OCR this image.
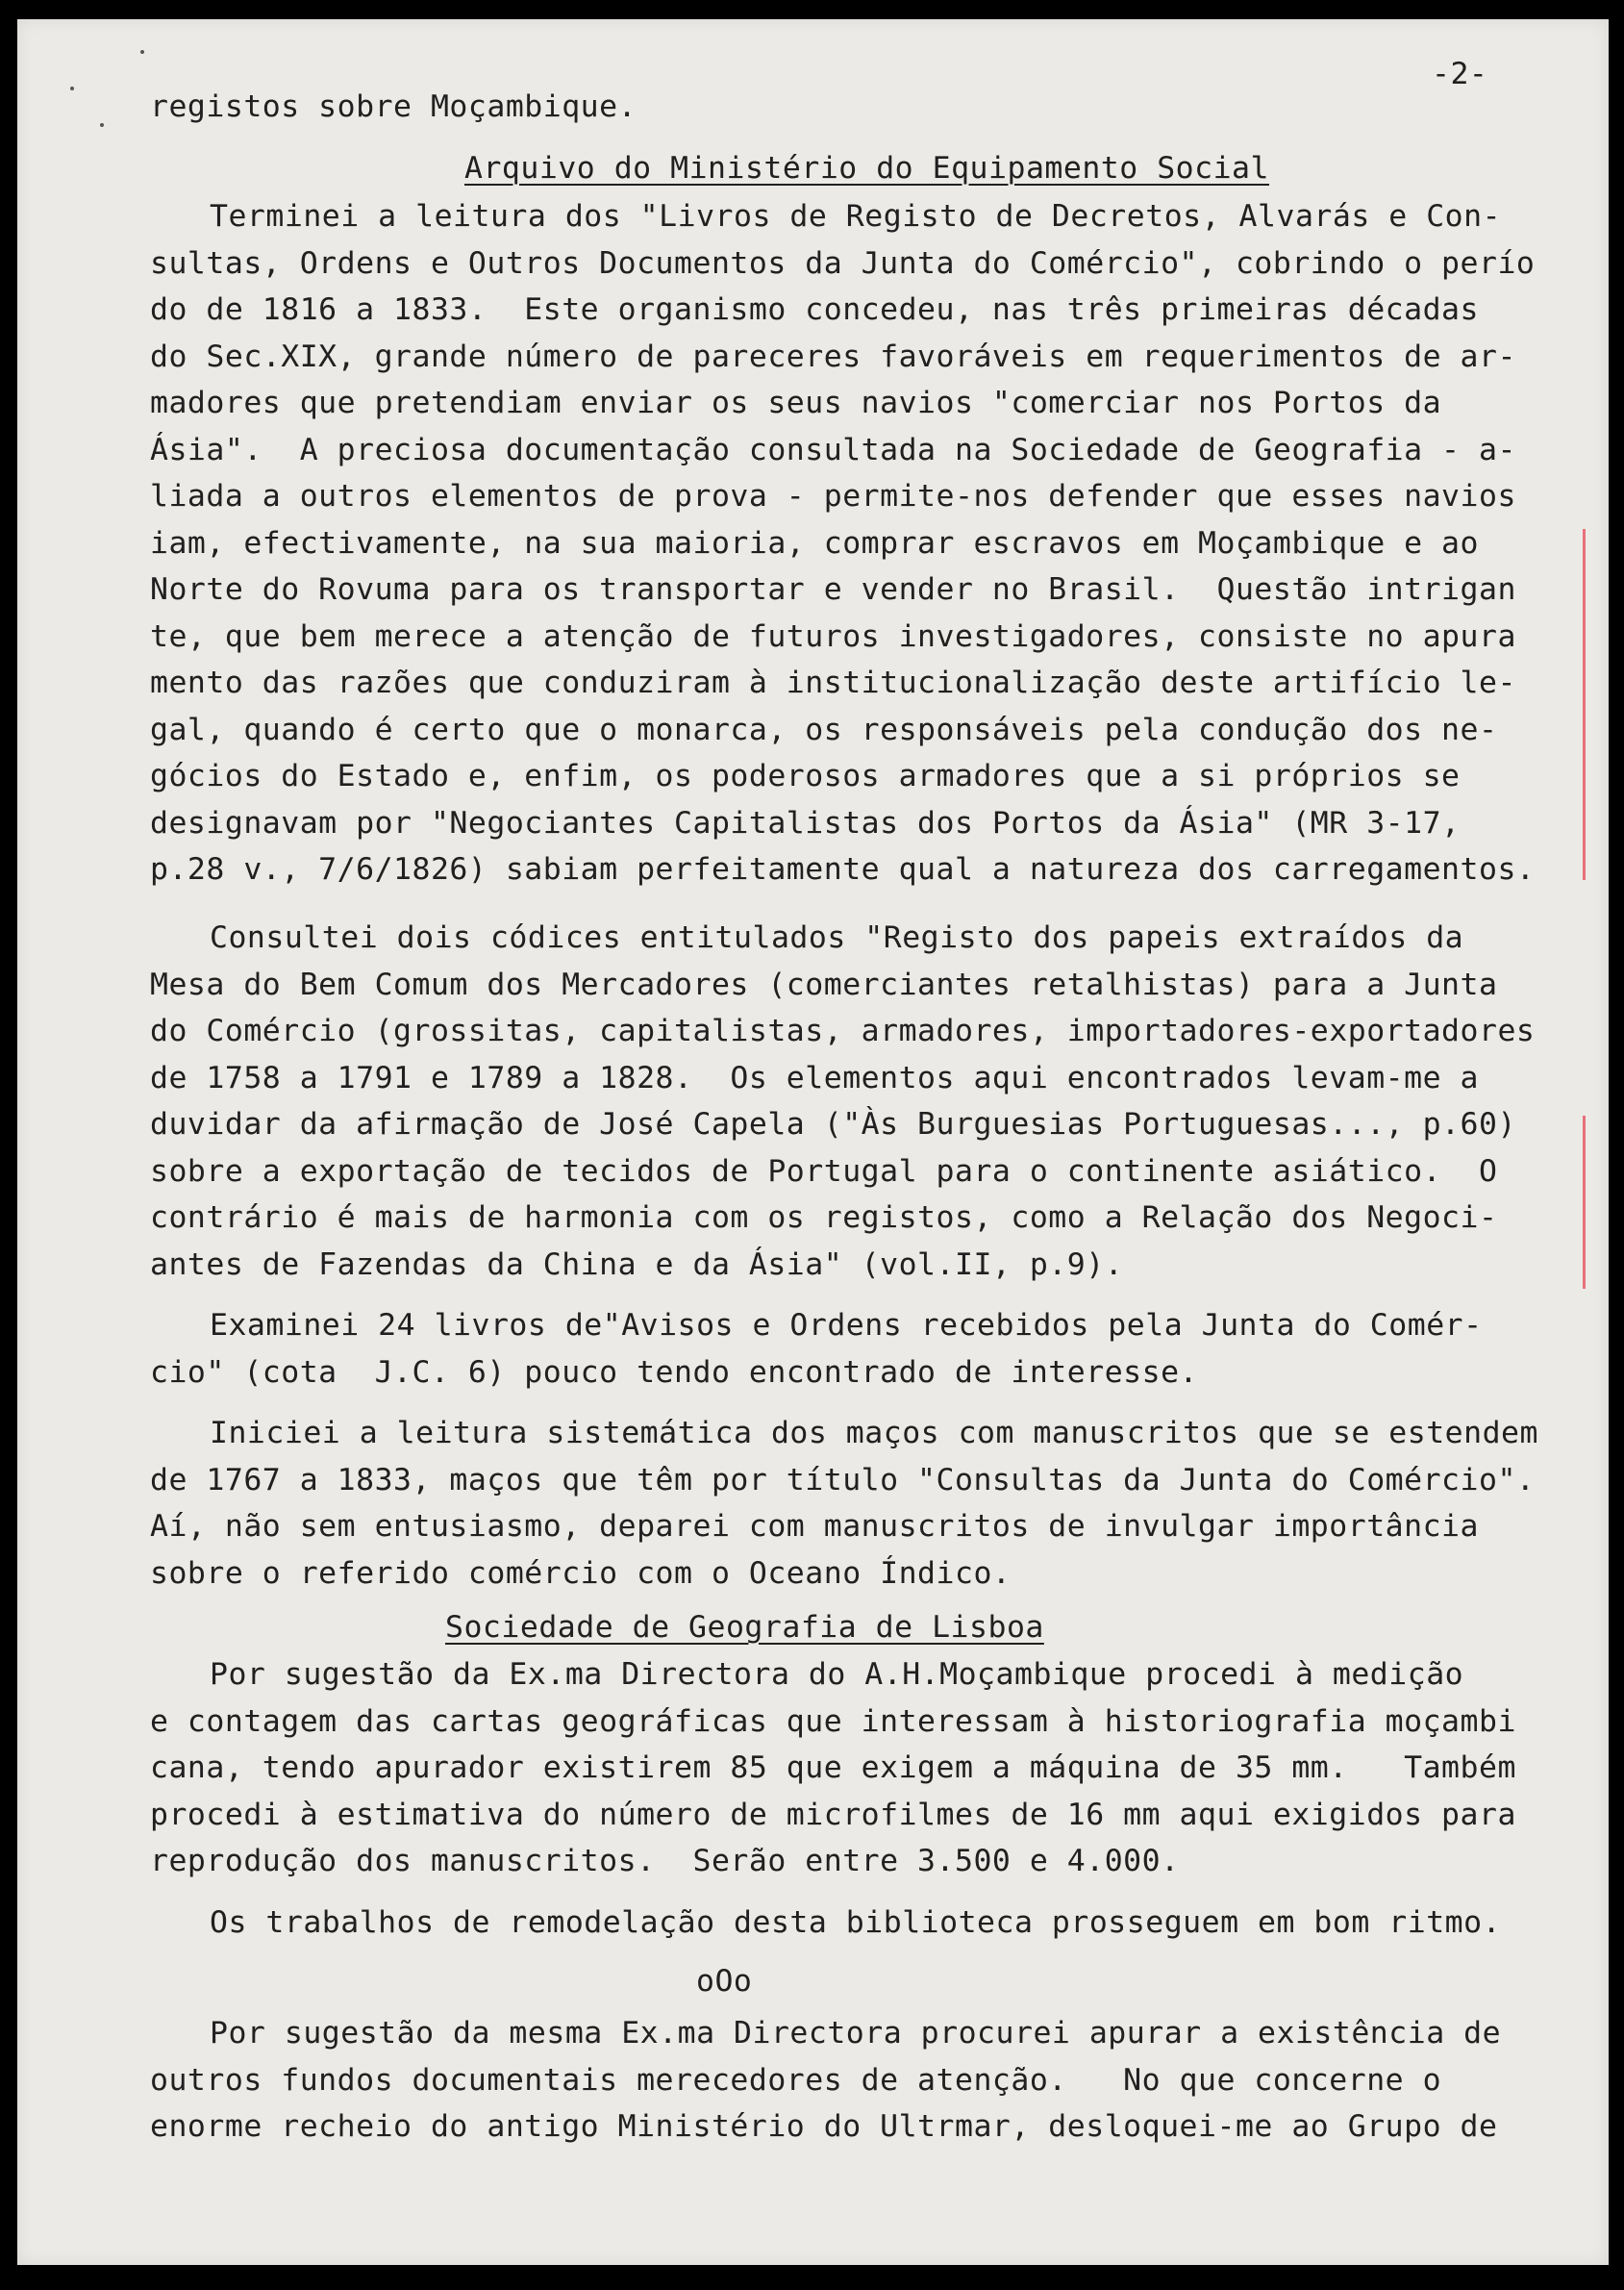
-2-
registos sobre Moçambique.
Arquivo do Ministério do Equipamento Social
Terminei a leitura dos "Livros de Registo de Decretos, Alvarás e Con-
sultas, Ordens e Outros Documentos da Junta do Comércio", cobrindo o perío
do de 1816 a 1833.  Este organismo concedeu, nas três primeiras décadas
do Sec.XIX, grande número de pareceres favoráveis em requerimentos de ar-
madores que pretendiam enviar os seus navios "comerciar nos Portos da
Ásia".  A preciosa documentação consultada na Sociedade de Geografia - a-
liada a outros elementos de prova - permite-nos defender que esses navios
iam, efectivamente, na sua maioria, comprar escravos em Moçambique e ao
Norte do Rovuma para os transportar e vender no Brasil.  Questão intrigan
te, que bem merece a atenção de futuros investigadores, consiste no apura
mento das razões que conduziram à institucionalização deste artifício le-
gal, quando é certo que o monarca, os responsáveis pela condução dos ne-
gócios do Estado e, enfim, os poderosos armadores que a si próprios se
designavam por "Negociantes Capitalistas dos Portos da Ásia" (MR 3-17,
p.28 v., 7/6/1826) sabiam perfeitamente qual a natureza dos carregamentos.
Consultei dois códices entitulados "Registo dos papeis extraídos da
Mesa do Bem Comum dos Mercadores (comerciantes retalhistas) para a Junta
do Comércio (grossitas, capitalistas, armadores, importadores-exportadores
de 1758 a 1791 e 1789 a 1828.  Os elementos aqui encontrados levam-me a
duvidar da afirmação de José Capela ("Às Burguesias Portuguesas..., p.60)
sobre a exportação de tecidos de Portugal para o continente asiático.  O
contrário é mais de harmonia com os registos, como a Relação dos Negoci-
antes de Fazendas da China e da Ásia" (vol.II, p.9).
Examinei 24 livros de"Avisos e Ordens recebidos pela Junta do Comér-
cio" (cota  J.C. 6) pouco tendo encontrado de interesse.
Iniciei a leitura sistemática dos maços com manuscritos que se estendem
de 1767 a 1833, maços que têm por título "Consultas da Junta do Comércio".
Aí, não sem entusiasmo, deparei com manuscritos de invulgar importância
sobre o referido comércio com o Oceano Índico.
Sociedade de Geografia de Lisboa
Por sugestão da Ex.ma Directora do A.H.Moçambique procedi à medição
e contagem das cartas geográficas que interessam à historiografia moçambi
cana, tendo apurador existirem 85 que exigem a máquina de 35 mm.   Também
procedi à estimativa do número de microfilmes de 16 mm aqui exigidos para
reprodução dos manuscritos.  Serão entre 3.500 e 4.000.
Os trabalhos de remodelação desta biblioteca prosseguem em bom ritmo.
oOo
Por sugestão da mesma Ex.ma Directora procurei apurar a existência de
outros fundos documentais merecedores de atenção.   No que concerne o
enorme recheio do antigo Ministério do Ultrmar, desloquei-me ao Grupo de
